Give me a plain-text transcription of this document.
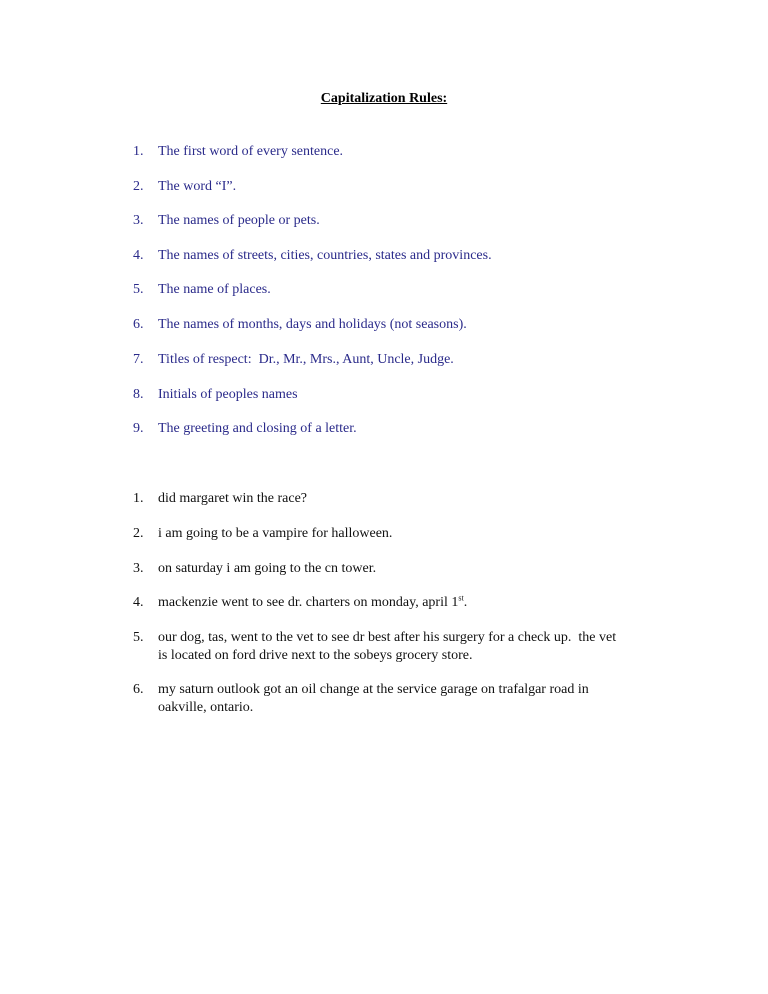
Capitalization Rules:
1.	The first word of every sentence.
2.	The word “I”.
3.	The names of people or pets.
4.	The names of streets, cities, countries, states and provinces.
5.	The name of places.
6.	The names of months, days and holidays (not seasons).
7.	Titles of respect:  Dr., Mr., Mrs., Aunt, Uncle, Judge.
8.	Initials of peoples names
9.	The greeting and closing of a letter.
1.	did margaret win the race?
2.	i am going to be a vampire for halloween.
3.	on saturday i am going to the cn tower.
4.	mackenzie went to see dr. charters on monday, april 1st.
5.	our dog, tas, went to the vet to see dr best after his surgery for a check up.  the vet
is located on ford drive next to the sobeys grocery store.
6.	my saturn outlook got an oil change at the service garage on trafalgar road in
oakville, ontario.
